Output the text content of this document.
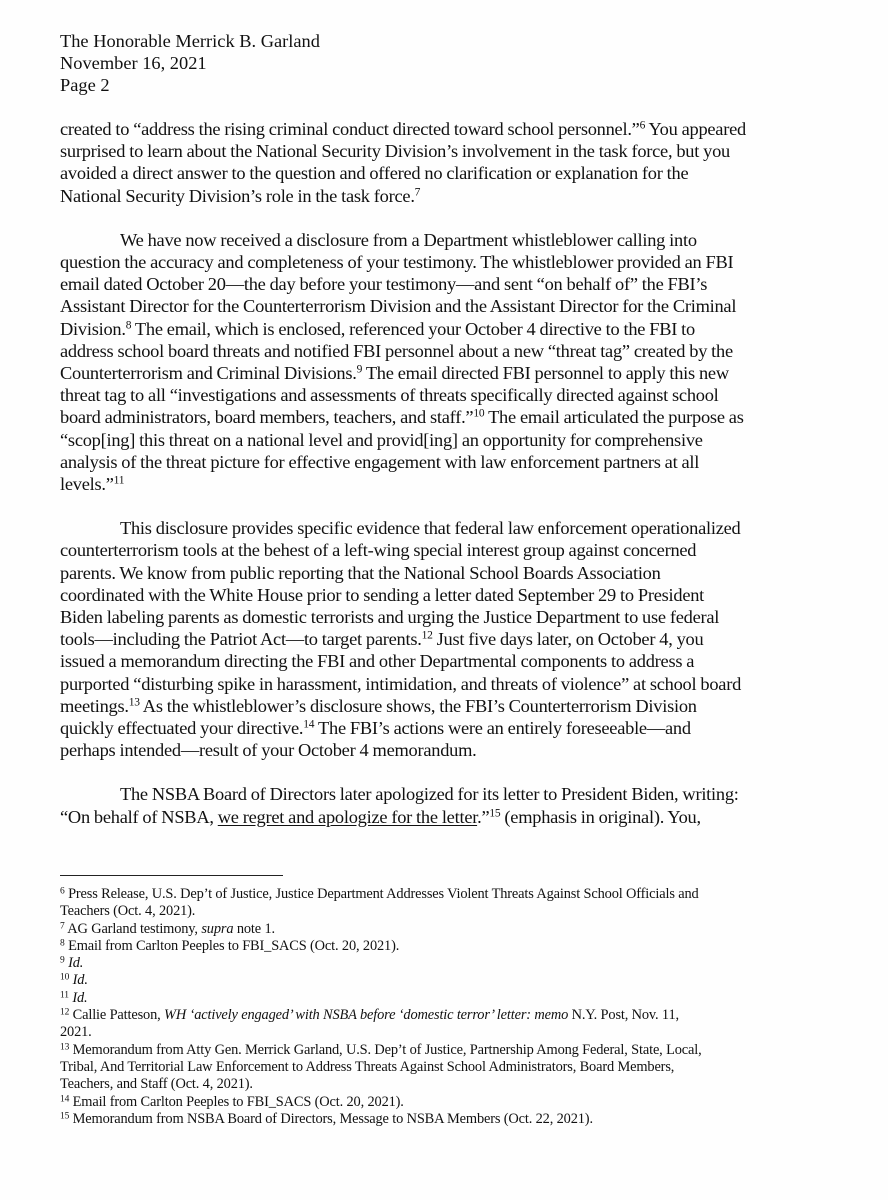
The Honorable Merrick B. Garland
November 16, 2021
Page 2
created to “address the rising criminal conduct directed toward school personnel.”$^6$ You appeared
surprised to learn about the National Security Division’s involvement in the task force, but you
avoided a direct answer to the question and offered no clarification or explanation for the
National Security Division’s role in the task force.$^7$
We have now received a disclosure from a Department whistleblower calling into
question the accuracy and completeness of your testimony. The whistleblower provided an FBI
email dated October 20—the day before your testimony—and sent “on behalf of” the FBI’s
Assistant Director for the Counterterrorism Division and the Assistant Director for the Criminal
Division.$^8$ The email, which is enclosed, referenced your October 4 directive to the FBI to
address school board threats and notified FBI personnel about a new “threat tag” created by the
Counterterrorism and Criminal Divisions.$^9$ The email directed FBI personnel to apply this new
threat tag to all “investigations and assessments of threats specifically directed against school
board administrators, board members, teachers, and staff.”$^{10}$ The email articulated the purpose as
“scop[ing] this threat on a national level and provid[ing] an opportunity for comprehensive
analysis of the threat picture for effective engagement with law enforcement partners at all
levels.”$^{11}$
This disclosure provides specific evidence that federal law enforcement operationalized
counterterrorism tools at the behest of a left-wing special interest group against concerned
parents. We know from public reporting that the National School Boards Association
coordinated with the White House prior to sending a letter dated September 29 to President
Biden labeling parents as domestic terrorists and urging the Justice Department to use federal
tools—including the Patriot Act—to target parents.$^{12}$ Just five days later, on October 4, you
issued a memorandum directing the FBI and other Departmental components to address a
purported “disturbing spike in harassment, intimidation, and threats of violence” at school board
meetings.$^{13}$ As the whistleblower’s disclosure shows, the FBI’s Counterterrorism Division
quickly effectuated your directive.$^{14}$ The FBI’s actions were an entirely foreseeable—and
perhaps intended—result of your October 4 memorandum.
The NSBA Board of Directors later apologized for its letter to President Biden, writing:
“On behalf of NSBA, we regret and apologize for the letter.”$^{15}$ (emphasis in original). You,
$^6$ Press Release, U.S. Dep’t of Justice, Justice Department Addresses Violent Threats Against School Officials and
Teachers (Oct. 4, 2021).
$^7$ AG Garland testimony, supra note 1.
$^8$ Email from Carlton Peeples to FBI_SACS (Oct. 20, 2021).
$^9$ Id.
$^{10}$ Id.
$^{11}$ Id.
$^{12}$ Callie Patteson, WH ‘actively engaged’ with NSBA before ‘domestic terror’ letter: memo N.Y. Post, Nov. 11,
2021.
$^{13}$ Memorandum from Atty Gen. Merrick Garland, U.S. Dep’t of Justice, Partnership Among Federal, State, Local,
Tribal, And Territorial Law Enforcement to Address Threats Against School Administrators, Board Members,
Teachers, and Staff (Oct. 4, 2021).
$^{14}$ Email from Carlton Peeples to FBI_SACS (Oct. 20, 2021).
$^{15}$ Memorandum from NSBA Board of Directors, Message to NSBA Members (Oct. 22, 2021).
